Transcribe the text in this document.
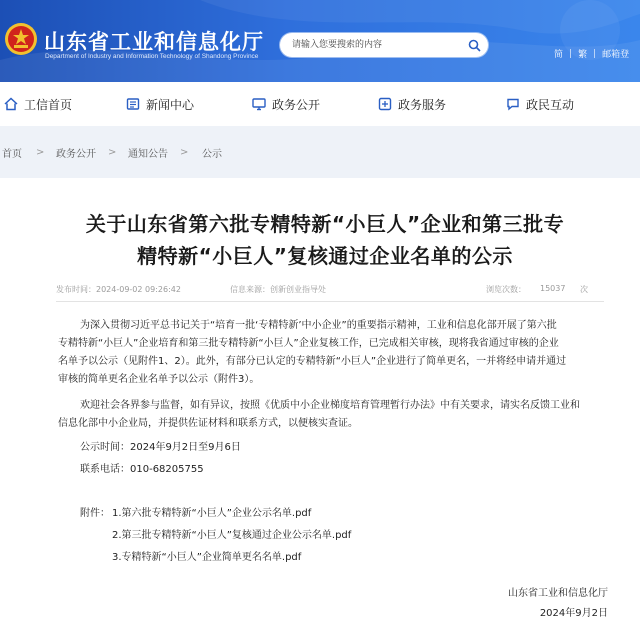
山东省工业和信息化厅
Department of Industry and Information Technology of Shandong Province
请输入您要搜索的内容	简 | 繁 | 邮箱登
工信首页	新闻中心	政务公开	政务服务	政民互动
首页 > 政务公开 > 通知公告 > 公示
关于山东省第六批专精特新“小巨人”企业和第三批专
精特新“小巨人”复核通过企业名单的公示
发布时间：2024-09-02 09:26:42	信息来源：创新创业指导处	浏览次数： 15037 次
为深入贯彻习近平总书记关于“培育一批‘专精特新’中小企业”的重要指示精神，工业和信息化部开展了第六批
专精特新“小巨人”企业培育和第三批专精特新“小巨人”企业复核工作，已完成相关审核，现将我省通过审核的企业
名单予以公示（见附件1、2）。此外，有部分已认定的专精特新“小巨人”企业进行了简单更名，一并将经申请并通过
审核的简单更名企业名单予以公示（附件3）。
欢迎社会各界参与监督，如有异议，按照《优质中小企业梯度培育管理暂行办法》中有关要求，请实名反馈工业和
信息化部中小企业局，并提供佐证材料和联系方式，以便核实查证。
公示时间：2024年9月2日至9月6日
联系电话：010-68205755
附件： 1.第六批专精特新“小巨人”企业公示名单.pdf
2.第三批专精特新“小巨人”复核通过企业公示名单.pdf
3.专精特新“小巨人”企业简单更名名单.pdf
山东省工业和信息化厅
2024年9月2日
